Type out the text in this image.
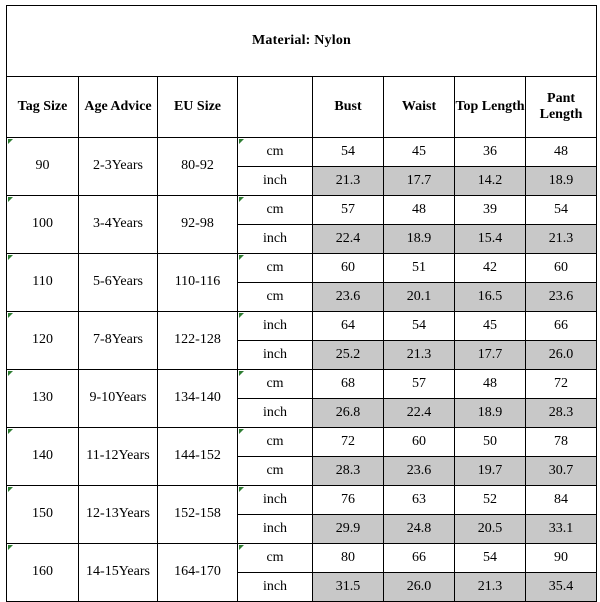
Material: Nylon							
Tag Size	Age Advice	EU Size		Bust	Waist	Top Length	Pant Length
90	2-3Years	80-92	cm	54	45	36	48
			inch	21.3	17.7	14.2	18.9
100	3-4Years	92-98	cm	57	48	39	54
			inch	22.4	18.9	15.4	21.3
110	5-6Years	110-116	cm	60	51	42	60
			cm	23.6	20.1	16.5	23.6
120	7-8Years	122-128	inch	64	54	45	66
			inch	25.2	21.3	17.7	26.0
130	9-10Years	134-140	cm	68	57	48	72
			inch	26.8	22.4	18.9	28.3
140	11-12Years	144-152	cm	72	60	50	78
			cm	28.3	23.6	19.7	30.7
150	12-13Years	152-158	inch	76	63	52	84
			inch	29.9	24.8	20.5	33.1
160	14-15Years	164-170	cm	80	66	54	90
			inch	31.5	26.0	21.3	35.4
